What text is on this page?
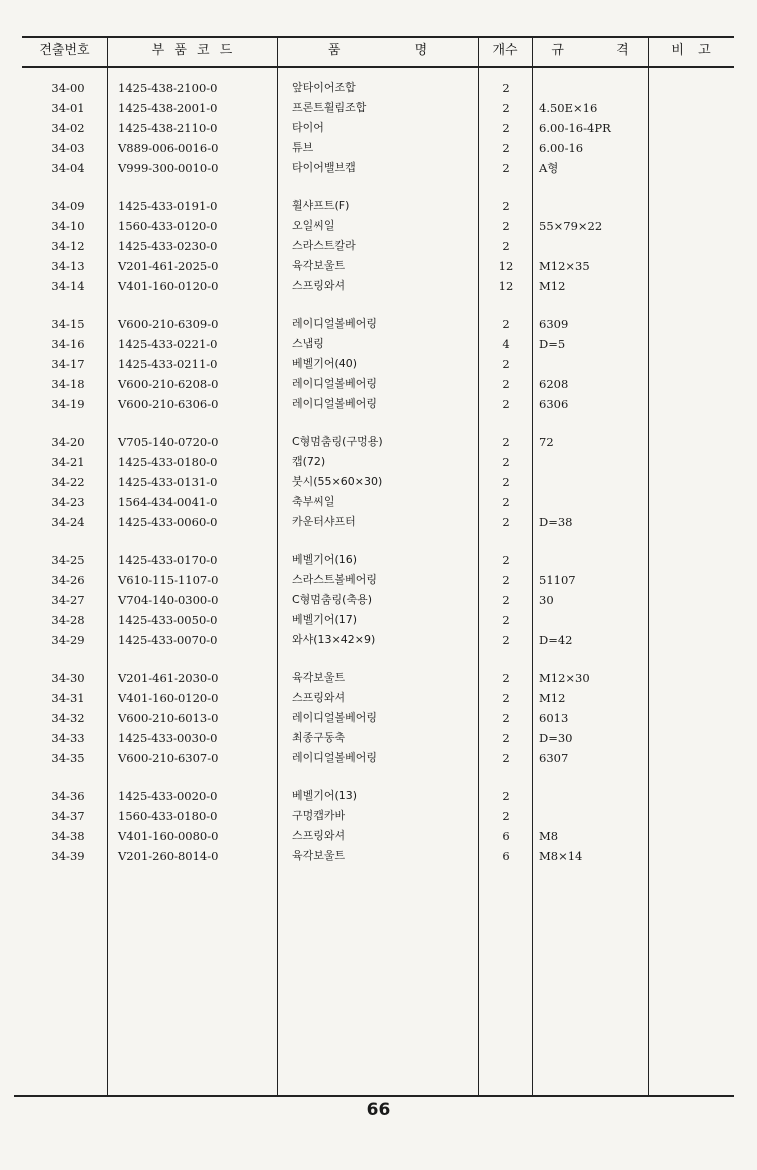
견출번호	부 품 코 드	품 명	개수	규 격	비 고
34-00	1425-438-2100-0	앞타이어조합	2
34-01	1425-438-2001-0	프론트휠림조합	2	4.50E×16
34-02	1425-438-2110-0	타이어	2	6.00-16-4PR
34-03	V889-006-0016-0	튜브	2	6.00-16
34-04	V999-300-0010-0	타이어밸브캡	2	A형
34-09	1425-433-0191-0	휠샤프트(F)	2
34-10	1560-433-0120-0	오일씨일	2	55×79×22
34-12	1425-433-0230-0	스라스트칼라	2
34-13	V201-461-2025-0	육각보울트	12	M12×35
34-14	V401-160-0120-0	스프링와셔	12	M12
34-15	V600-210-6309-0	레이디얼볼베어링	2	6309
34-16	1425-433-0221-0	스냅링	4	D=5
34-17	1425-433-0211-0	베벨기어(40)	2
34-18	V600-210-6208-0	레이디얼볼베어링	2	6208
34-19	V600-210-6306-0	레이디얼볼베어링	2	6306
34-20	V705-140-0720-0	C형멈춤링(구멍용)	2	72
34-21	1425-433-0180-0	캡(72)	2
34-22	1425-433-0131-0	붓시(55×60×30)	2
34-23	1564-434-0041-0	축부씨일	2
34-24	1425-433-0060-0	카운터샤프터	2	D=38
34-25	1425-433-0170-0	베벨기어(16)	2
34-26	V610-115-1107-0	스라스트볼베어링	2	51107
34-27	V704-140-0300-0	C형멈춤링(축용)	2	30
34-28	1425-433-0050-0	베벨기어(17)	2
34-29	1425-433-0070-0	와샤(13×42×9)	2	D=42
34-30	V201-461-2030-0	육각보울트	2	M12×30
34-31	V401-160-0120-0	스프링와셔	2	M12
34-32	V600-210-6013-0	레이디얼볼베어링	2	6013
34-33	1425-433-0030-0	최종구동축	2	D=30
34-35	V600-210-6307-0	레이디얼볼베어링	2	6307
34-36	1425-433-0020-0	베벨기어(13)	2
34-37	1560-433-0180-0	구멍캡카바	2
34-38	V401-160-0080-0	스프링와셔	6	M8
34-39	V201-260-8014-0	육각보울트	6	M8×14
66
